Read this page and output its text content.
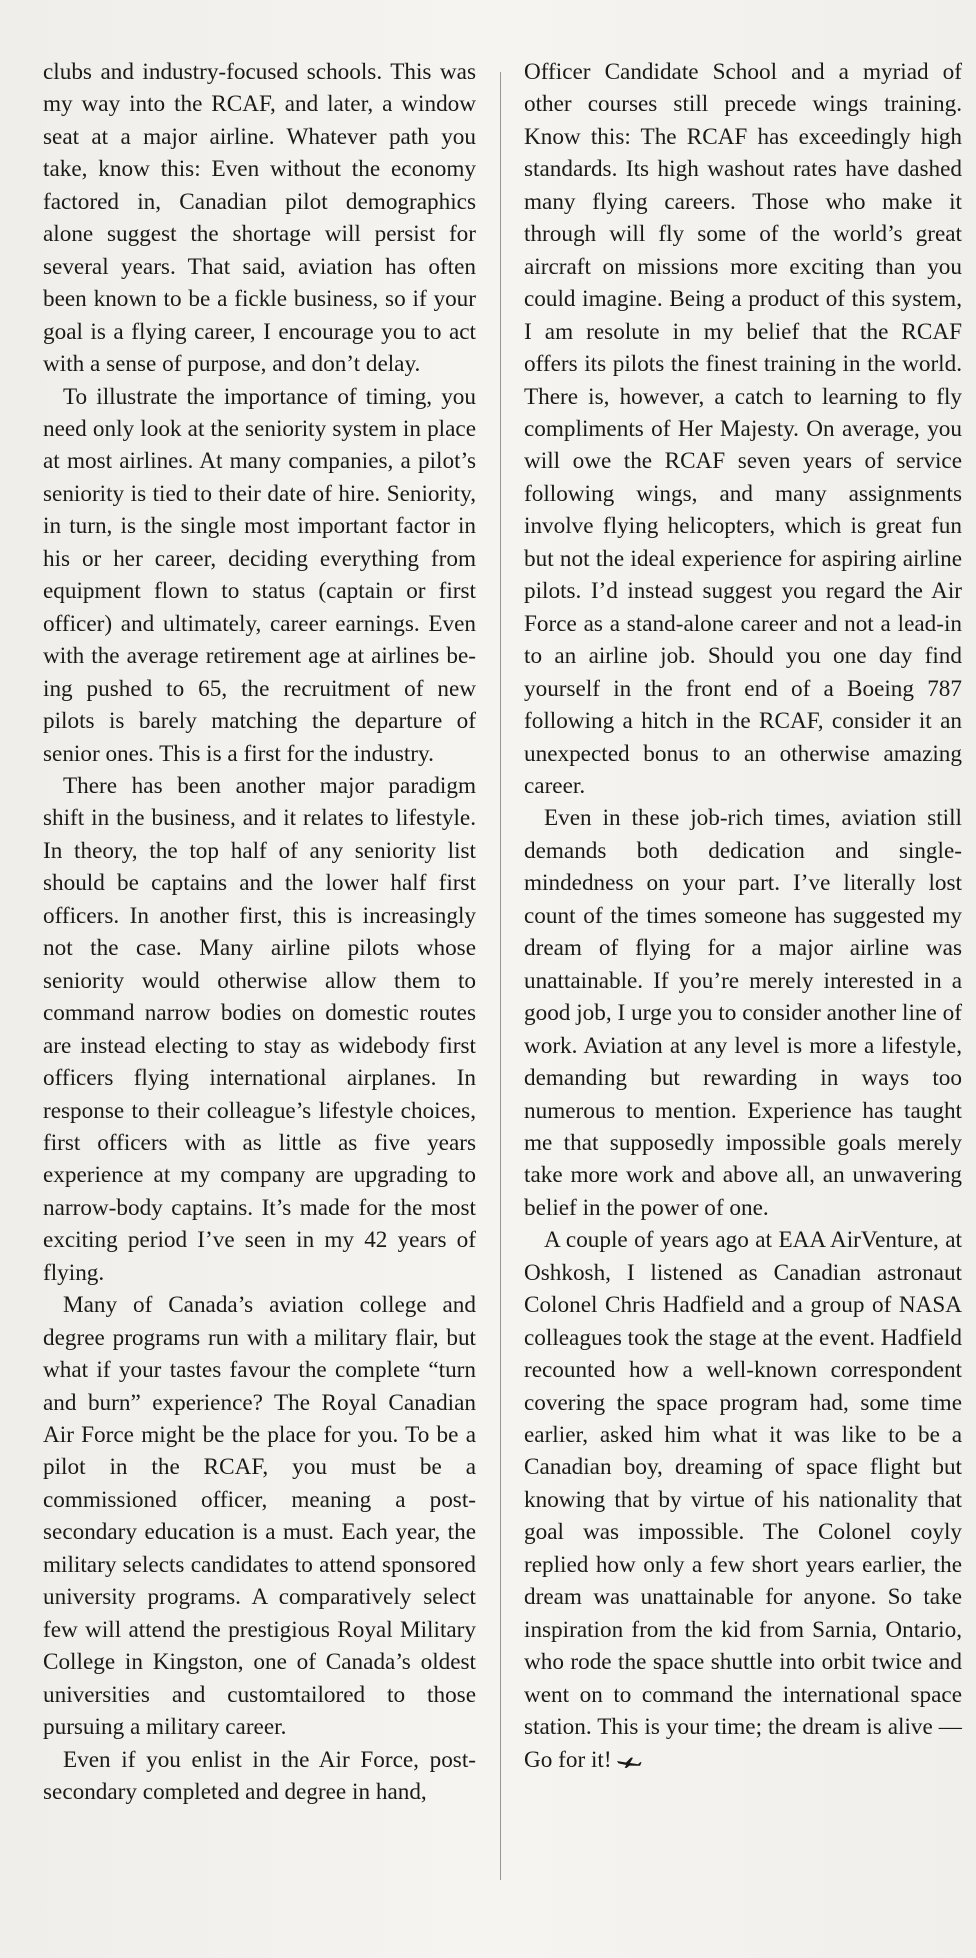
clubs and industry-focused schools. This was my way into the RCAF, and later, a window seat at a major airline. Whatever path you take, know this: Even without the economy factored in, Canadian pilot demographics alone suggest the shortage will persist for several years. That said, aviation has often been known to be a fickle business, so if your goal is a flying career, I encourage you to act with a sense of purpose, and don’t delay.

To illustrate the importance of timing, you need only look at the seniority system in place at most airlines. At many companies, a pilot’s seniority is tied to their date of hire. Seniority, in turn, is the single most important factor in his or her career, deciding everything from equipment flown to status (captain or first officer) and ultimately, career earnings. Even with the average retirement age at airlines being pushed to 65, the recruitment of new pilots is barely matching the departure of senior ones. This is a first for the industry.

There has been another major paradigm shift in the business, and it relates to lifestyle. In theory, the top half of any seniority list should be captains and the lower half first officers. In another first, this is increasingly not the case. Many airline pilots whose seniority would otherwise allow them to command narrow bodies on domestic routes are instead electing to stay as widebody first officers flying international airplanes. In response to their colleague’s lifestyle choices, first officers with as little as five years experience at my company are upgrading to narrow-body captains. It’s made for the most exciting period I’ve seen in my 42 years of flying.

Many of Canada’s aviation college and degree programs run with a military flair, but what if your tastes favour the complete “turn and burn” experience? The Royal Canadian Air Force might be the place for you. To be a pilot in the RCAF, you must be a commissioned officer, meaning a postsecondary education is a must. Each year, the military selects candidates to attend sponsored university programs. A comparatively select few will attend the prestigious Royal Military College in Kingston, one of Canada’s oldest universities and customtailored to those pursuing a military career.

Even if you enlist in the Air Force, postsecondary completed and degree in hand,

Officer Candidate School and a myriad of other courses still precede wings training. Know this: The RCAF has exceedingly high standards. Its high washout rates have dashed many flying careers. Those who make it through will fly some of the world’s great aircraft on missions more exciting than you could imagine. Being a product of this system, I am resolute in my belief that the RCAF offers its pilots the finest training in the world. There is, however, a catch to learning to fly compliments of Her Majesty. On average, you will owe the RCAF seven years of service following wings, and many assignments involve flying helicopters, which is great fun but not the ideal experience for aspiring airline pilots. I’d instead suggest you regard the Air Force as a stand-alone career and not a lead-in to an airline job. Should you one day find yourself in the front end of a Boeing 787 following a hitch in the RCAF, consider it an unexpected bonus to an otherwise amazing career.

Even in these job-rich times, aviation still demands both dedication and singlemindedness on your part. I’ve literally lost count of the times someone has suggested my dream of flying for a major airline was unattainable. If you’re merely interested in a good job, I urge you to consider another line of work. Aviation at any level is more a lifestyle, demanding but rewarding in ways too numerous to mention. Experience has taught me that supposedly impossible goals merely take more work and above all, an unwavering belief in the power of one.

A couple of years ago at EAA AirVenture, at Oshkosh, I listened as Canadian astronaut Colonel Chris Hadfield and a group of NASA colleagues took the stage at the event. Hadfield recounted how a well-known correspondent covering the space program had, some time earlier, asked him what it was like to be a Canadian boy, dreaming of space flight but knowing that by virtue of his nationality that goal was impossible. The Colonel coyly replied how only a few short years earlier, the dream was unattainable for anyone. So take inspiration from the kid from Sarnia, Ontario, who rode the space shuttle into orbit twice and went on to command the international space station. This is your time; the dream is alive — Go for it!
